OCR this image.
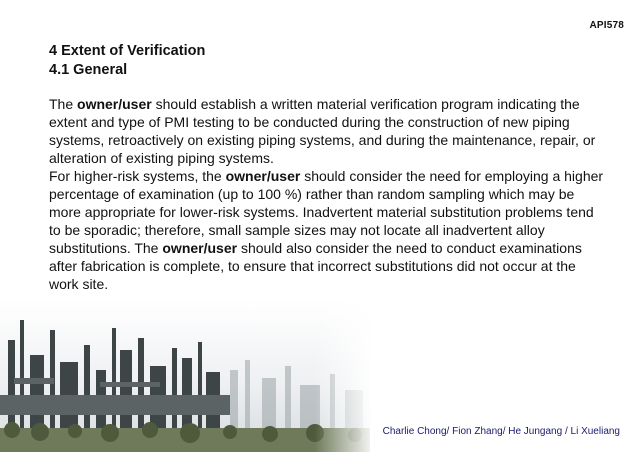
API578
4 Extent of Verification
4.1 General

The owner/user should establish a written material verification program indicating the extent and type of PMI testing to be conducted during the construction of new piping systems, retroactively on existing piping systems, and during the maintenance, repair, or alteration of existing piping systems.

For higher-risk systems, the owner/user should consider the need for employing a higher percentage of examination (up to 100 %) rather than random sampling which may be more appropriate for lower-risk systems. Inadvertent material substitution problems tend to be sporadic; therefore, small sample sizes may not locate all inadvertent alloy substitutions. The owner/user should also consider the need to conduct examinations after fabrication is complete, to ensure that incorrect substitutions did not occur at the work site.

Charlie Chong/ Fion Zhang/ He Jungang / Li Xueliang
